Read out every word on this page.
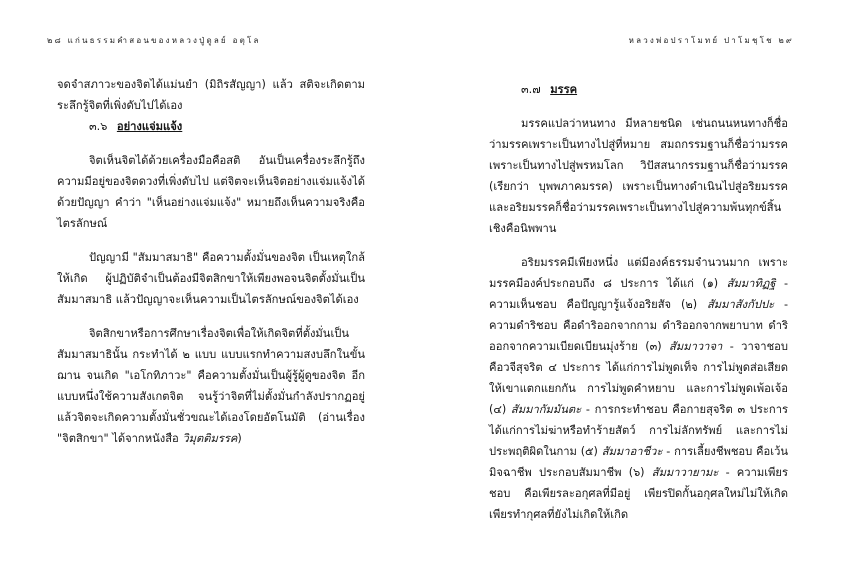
๒๘ แก่นธรรมคำสอนของหลวงปู่ดูลย์ อตุโล

จดจำสภาวะของจิตได้แม่นยำ (มิถิรสัญญา) แล้ว สติจะเกิดตามระลึกรู้จิตที่เพิ่งดับไปได้เอง

๓.๖ อย่างแจ่มแจ้ง

จิตเห็นจิตได้ด้วยเครื่องมือคือสติ อันเป็นเครื่องระลึกรู้ถึงความมีอยู่ของจิตดวงที่เพิ่งดับไป แต่จิตจะเห็นจิตอย่างแจ่มแจ้งได้ด้วยปัญญา คำว่า "เห็นอย่างแจ่มแจ้ง" หมายถึงเห็นความจริงคือไตรลักษณ์

ปัญญามี "สัมมาสมาธิ" คือความตั้งมั่นของจิต เป็นเหตุใกล้ให้เกิด ผู้ปฏิบัติจำเป็นต้องมีจิตสิกขาให้เพียงพอจนจิตตั้งมั่นเป็นสัมมาสมาธิ แล้วปัญญาจะเห็นความเป็นไตรลักษณ์ของจิตได้เอง

จิตสิกขาหรือการศึกษาเรื่องจิตเพื่อให้เกิดจิตที่ตั้งมั่นเป็นสัมมาสมาธินั้น กระทำได้ ๒ แบบ แบบแรกทำความสงบลึกในขั้นฌาน จนเกิด "เอโกทิภาวะ" คือความตั้งมั่นเป็นผู้รู้ผู้ดูของจิต อีกแบบหนึ่งใช้ความสังเกตจิต จนรู้ว่าจิตที่ไม่ตั้งมั่นกำลังปรากฏอยู่ แล้วจิตจะเกิดความตั้งมั่นชั่วขณะได้เองโดยอัตโนมัติ (อ่านเรื่อง "จิตสิกขา" ได้จากหนังสือ วิมุตติมรรค)

หลวงพ่อปราโมทย์ ปาโมชฺโช ๒๙

๓.๗ มรรค

มรรคแปลว่าหนทาง มีหลายชนิด เช่นถนนหนทางก็ชื่อว่ามรรคเพราะเป็นทางไปสู่ที่หมาย สมถกรรมฐานก็ชื่อว่ามรรคเพราะเป็นทางไปสู่พรหมโลก วิปัสสนากรรมฐานก็ชื่อว่ามรรค (เรียกว่า บุพพภาคมรรค) เพราะเป็นทางดำเนินไปสู่อริยมรรค และอริยมรรคก็ชื่อว่ามรรคเพราะเป็นทางไปสู่ความพ้นทุกข์สิ้นเชิงคือนิพพาน

อริยมรรคมีเพียงหนึ่ง แต่มีองค์ธรรมจำนวนมาก เพราะมรรคมีองค์ประกอบถึง ๘ ประการ ได้แก่ (๑) สัมมาทิฏฐิ - ความเห็นชอบ คือปัญญารู้แจ้งอริยสัจ (๒) สัมมาสังกัปปะ - ความดำริชอบ คือดำริออกจากกาม ดำริออกจากพยาบาท ดำริออกจากความเบียดเบียนมุ่งร้าย (๓) สัมมาวาจา - วาจาชอบ คือวจีสุจริต ๔ ประการ ได้แก่การไม่พูดเท็จ การไม่พูดส่อเสียดให้เขาแตกแยกกัน การไม่พูดคำหยาบ และการไม่พูดเพ้อเจ้อ (๔) สัมมากัมมันตะ - การกระทำชอบ คือกายสุจริต ๓ ประการ ได้แก่การไม่ฆ่าหรือทำร้ายสัตว์ การไม่ลักทรัพย์ และการไม่ประพฤติผิดในกาม (๕) สัมมาอาชีวะ - การเลี้ยงชีพชอบ คือเว้นมิจฉาชีพ ประกอบสัมมาชีพ (๖) สัมมาวายามะ - ความเพียรชอบ คือเพียรละอกุศลที่มีอยู่ เพียรปิดกั้นอกุศลใหม่ไม่ให้เกิด เพียรทำกุศลที่ยังไม่เกิดให้เกิด
